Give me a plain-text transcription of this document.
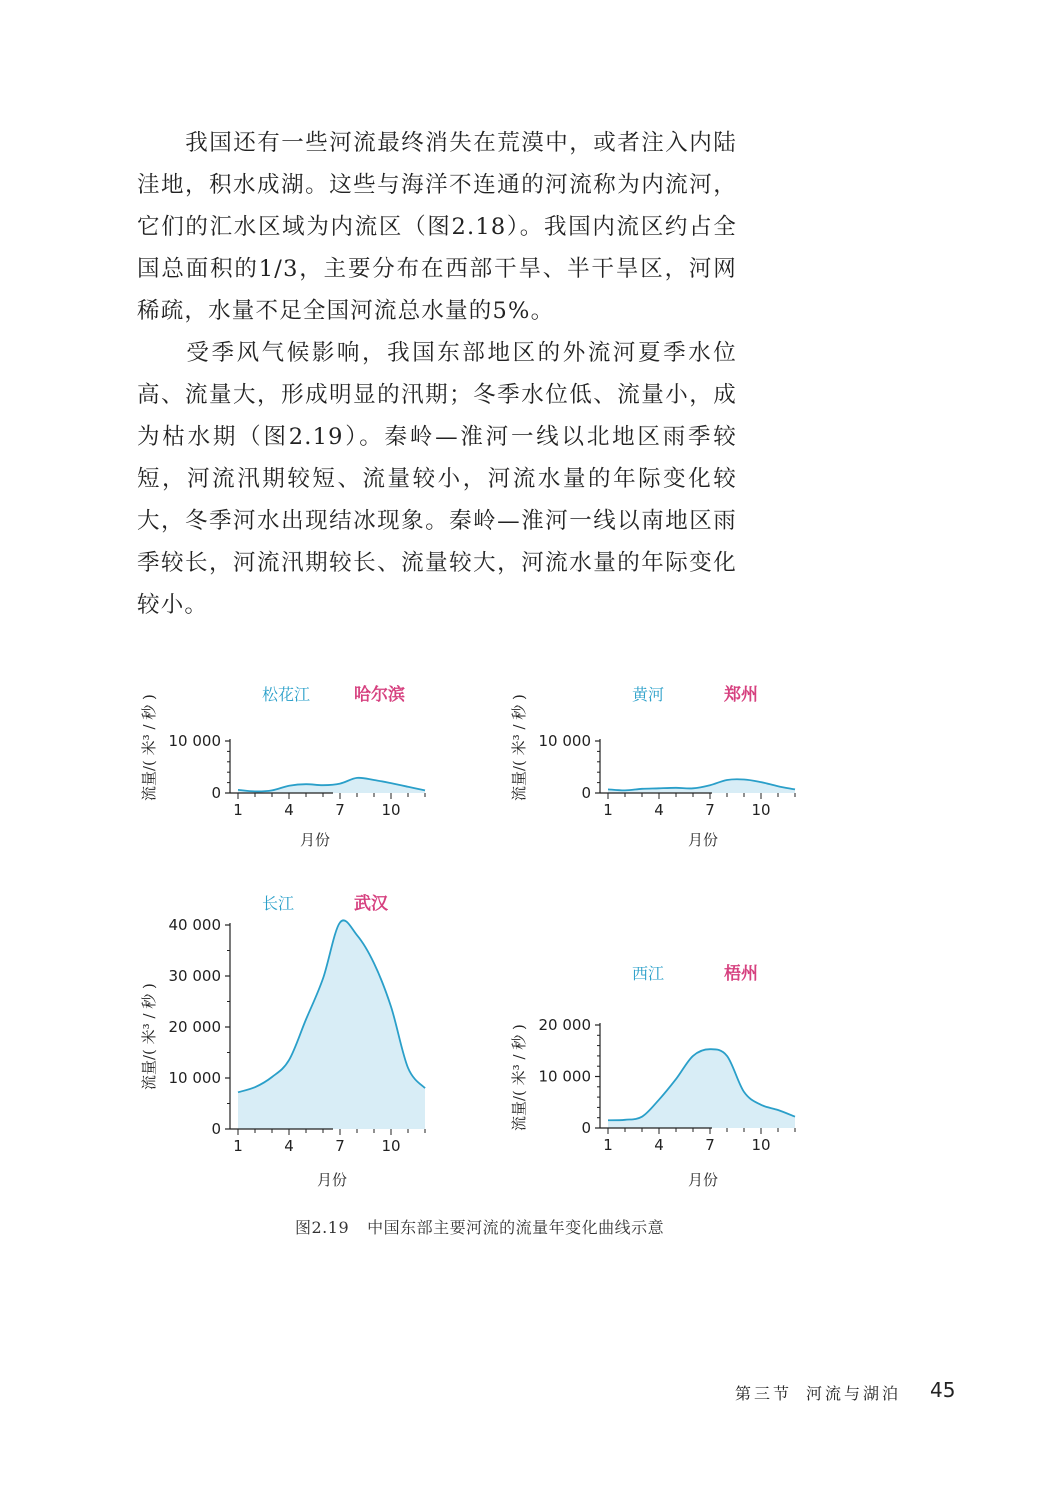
我国还有一些河流最终消失在荒漠中，或者注入内陆洼地，积水成湖。这些与海洋不连通的河流称为内流河，它们的汇水区域为内流区（图2.18）。我国内流区约占全国总面积的1/3，主要分布在西部干旱、半干旱区，河网稀疏，水量不足全国河流总水量的5%。

受季风气候影响，我国东部地区的外流河夏季水位高、流量大，形成明显的汛期；冬季水位低、流量小，成为枯水期（图2.19）。秦岭—淮河一线以北地区雨季较短，河流汛期较短、流量较小，河流水量的年际变化较大，冬季河水出现结冰现象。秦岭—淮河一线以南地区雨季较长，河流汛期较长、流量较大，河流水量的年际变化较小。

松花江	哈尔滨
流量/( 米³ / 秒 )
月份
0
10 000
1	4	7 10
黄河	郑州
流量/( 米³ / 秒 )
月份
0
10 000
1	4	7 10
长江	武汉
流量/( 米³ / 秒 )
月份
0
10 000
20 000
30 000
40 000
1	4	7 10
西江	梧州
流量/( 米³ / 秒 )
月份
0
10 000
20 000
1	4	7 10
图2.19 中国东部主要河流的流量年变化曲线示意
第三节 河流与湖泊 45
